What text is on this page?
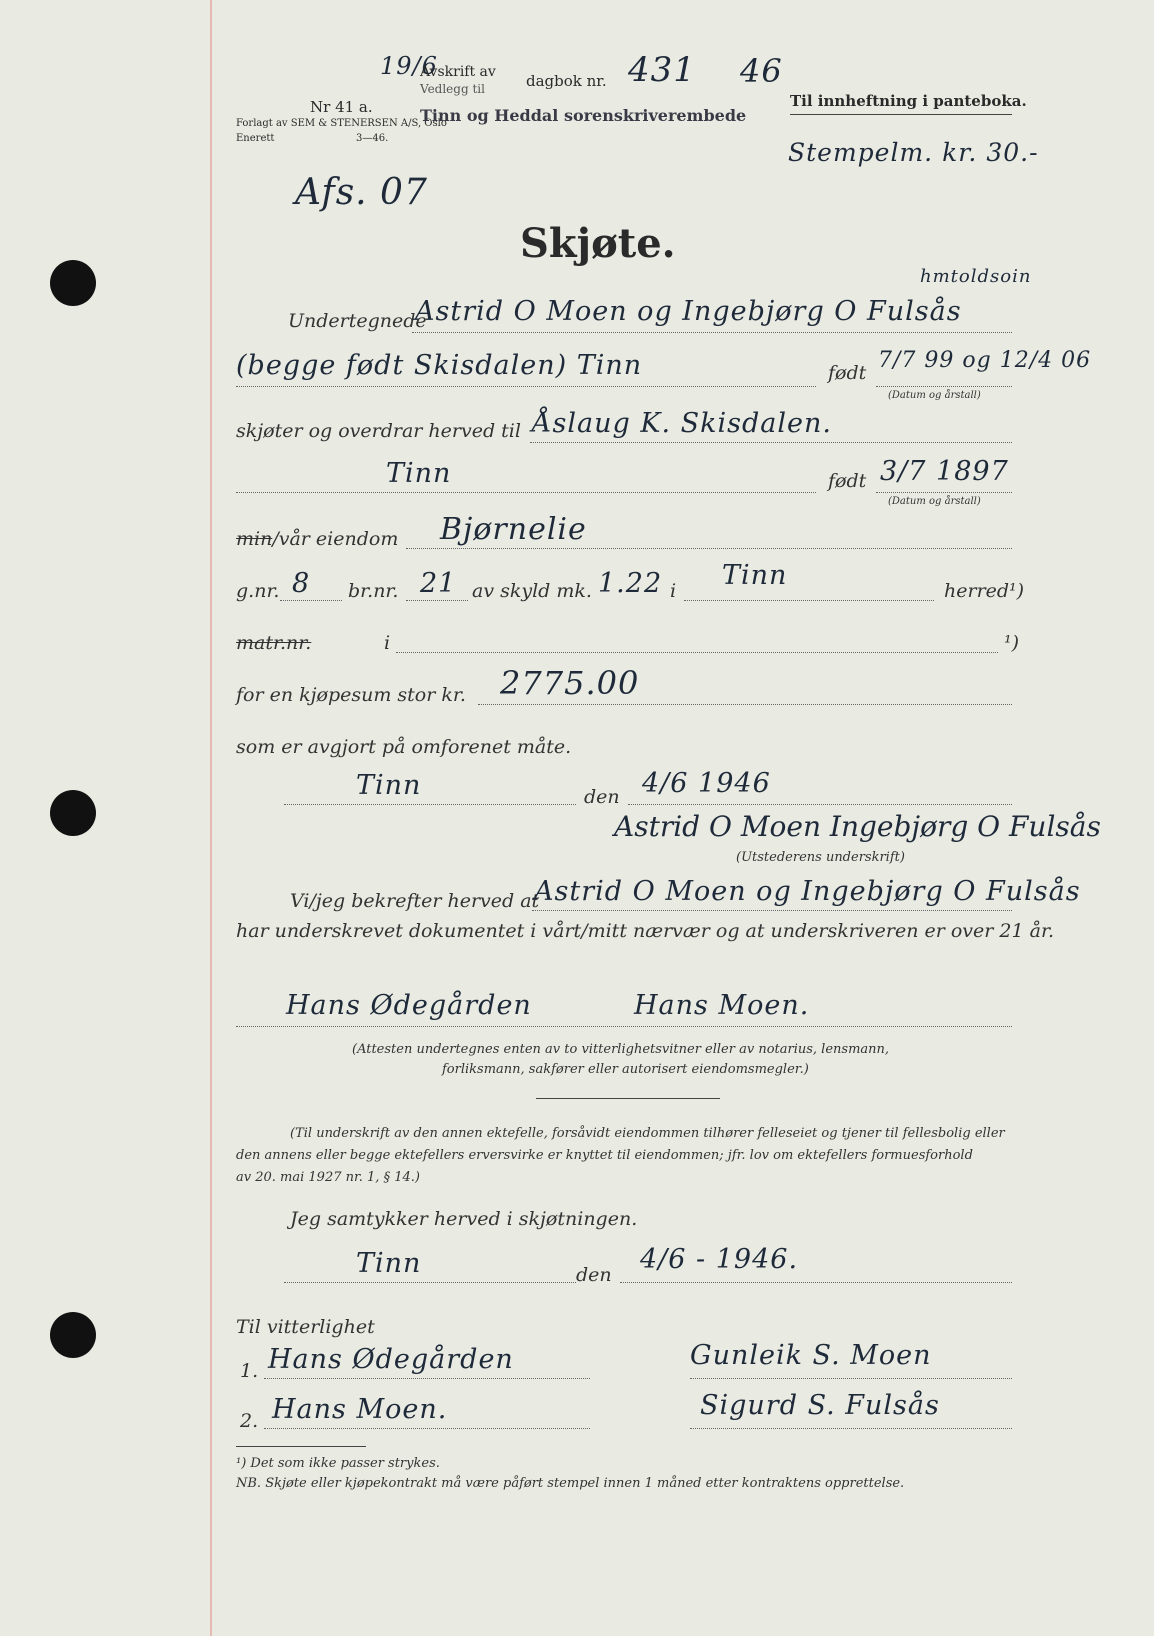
Nr 41 a.
Forlagt av SEM & STENERSEN A/S, Oslo
Enerett	3—46.
19/6
Avskrift av
Vedlegg til	dagbok nr. 431 46
Tinn og Heddal sorenskriverembede
Til innheftning i panteboka.
Stempelm. kr. 30.-
Afs. 07
Skjøte.
Undertegnede
Astrid O Moen og Ingebjørg O Fulsås
hmtoldsoin
(begge født Skisdalen) Tinn	født 7/7 99 og 12/4 06
(Datum og årstall)
skjøter og overdrar herved til Åslaug K. Skisdalen.
Tinn	født 3/7 1897
(Datum og årstall)
min/vår eiendom Bjørnelie
g.nr. 8 br.nr. 21 av skyld mk. 1.22 i Tinn	herred¹)
matr.nr.	i	¹)
for en kjøpesum stor kr. 2775.00
som er avgjort på omforenet måte.
Tinn	den 4/6 1946
Astrid O Moen Ingebjørg O Fulsås
(Utstederens underskrift)
Vi/jeg bekrefter herved at
Astrid O Moen og Ingebjørg O Fulsås
har underskrevet dokumentet i vårt/mitt nærvær og at underskriveren er over 21 år.
Hans Ødegården	Hans Moen.
(Attesten undertegnes enten av to vitterlighetsvitner eller av notarius, lensmann,
forliksmann, sakfører eller autorisert eiendomsmegler.)
(Til underskrift av den annen ektefelle, forsåvidt eiendommen tilhører felleseiet og tjener til fellesbolig eller
den annens eller begge ektefellers erversvirke er knyttet til eiendommen; jfr. lov om ektefellers formuesforhold
av 20. mai 1927 nr. 1, § 14.)
Jeg samtykker herved i skjøtningen.
Tinn	den 4/6 - 1946.
Til vitterlighet
1. Hans Ødegården	Gunleik S. Moen
2. Hans Moen.	Sigurd S. Fulsås
¹) Det som ikke passer strykes.
NB. Skjøte eller kjøpekontrakt må være påført stempel innen 1 måned etter kontraktens opprettelse.
